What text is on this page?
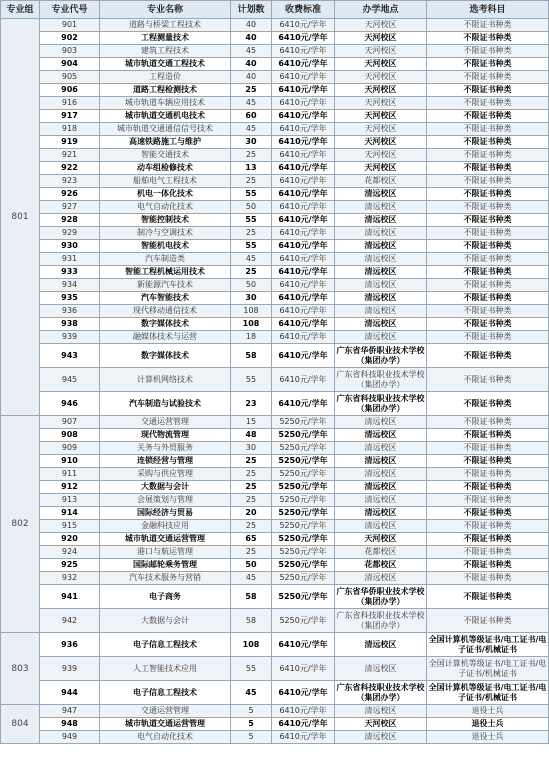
专业组	专业代号	专业名称	计划数	收费标准	办学地点	选考科目
801	901	道路与桥梁工程技术	40	6410元/学年	天河校区	不限证书种类
	902	工程测量技术	40	6410元/学年	天河校区	不限证书种类
	903	建筑工程技术	45	6410元/学年	天河校区	不限证书种类
	904	城市轨道交通工程技术	40	6410元/学年	天河校区	不限证书种类
	905	工程造价	40	6410元/学年	天河校区	不限证书种类
	906	道路工程检测技术	25	6410元/学年	天河校区	不限证书种类
	916	城市轨道车辆应用技术	45	6410元/学年	天河校区	不限证书种类
	917	城市轨道交通机电技术	60	6410元/学年	天河校区	不限证书种类
	918	城市轨道交通通信信号技术	45	6410元/学年	天河校区	不限证书种类
	919	高速铁路施工与维护	30	6410元/学年	天河校区	不限证书种类
	921	智能交通技术	25	6410元/学年	天河校区	不限证书种类
	922	动车组检修技术	13	6410元/学年	天河校区	不限证书种类
	923	船舶电气工程技术	25	6410元/学年	花都校区	不限证书种类
	926	机电一体化技术	55	6410元/学年	清远校区	不限证书种类
	927	电气自动化技术	50	6410元/学年	清远校区	不限证书种类
	928	智能控制技术	55	6410元/学年	清远校区	不限证书种类
	929	制冷与空调技术	25	6410元/学年	清远校区	不限证书种类
	930	智能机电技术	55	6410元/学年	清远校区	不限证书种类
	931	汽车制造类	45	6410元/学年	清远校区	不限证书种类
	933	智能工程机械运用技术	25	6410元/学年	清远校区	不限证书种类
	934	新能源汽车技术	50	6410元/学年	清远校区	不限证书种类
	935	汽车智能技术	30	6410元/学年	清远校区	不限证书种类
	936	现代移动通信技术	108	6410元/学年	清远校区	不限证书种类
	938	数字媒体技术	108	6410元/学年	清远校区	不限证书种类
	939	融媒体技术与运营	18	6410元/学年	清远校区	不限证书种类
	943	数字媒体技术	58	6410元/学年	广东省华侨职业技术学校（集团办学）	不限证书种类
	945	计算机网络技术	55	6410元/学年	广东省科技职业技术学校（集团办学）	不限证书种类
	946	汽车制造与试验技术	23	6410元/学年	广东省科技职业技术学校（集团办学）	不限证书种类
802	907	交通运营管理	15	5250元/学年	清远校区	不限证书种类
	908	现代物流管理	48	5250元/学年	清远校区	不限证书种类
	909	关务与外贸服务	30	5250元/学年	清远校区	不限证书种类
	910	连锁经营与管理	25	5250元/学年	清远校区	不限证书种类
	911	采购与供应管理	25	5250元/学年	清远校区	不限证书种类
	912	大数据与会计	25	5250元/学年	清远校区	不限证书种类
	913	会展策划与管理	25	5250元/学年	清远校区	不限证书种类
	914	国际经济与贸易	20	5250元/学年	清远校区	不限证书种类
	915	金融科技应用	25	5250元/学年	清远校区	不限证书种类
	920	城市轨道交通运营管理	65	5250元/学年	天河校区	不限证书种类
	924	港口与航运管理	25	5250元/学年	花都校区	不限证书种类
	925	国际邮轮乘务管理	50	5250元/学年	花都校区	不限证书种类
	932	汽车技术服务与营销	45	5250元/学年	清远校区	不限证书种类
	941	电子商务	58	5250元/学年	广东省华侨职业技术学校（集团办学）	不限证书种类
	942	大数据与会计	58	5250元/学年	广东省科技职业技术学校（集团办学）	不限证书种类
803	936	电子信息工程技术	108	6410元/学年	清远校区	全国计算机等级证书/电工证书/电子证书/机械证书
	939	人工智能技术应用	55	6410元/学年	清远校区	全国计算机等级证书/电工证书/电子证书/机械证书
	944	电子信息工程技术	45	6410元/学年	广东省科技职业技术学校（集团办学）	全国计算机等级证书/电工证书/电子证书/机械证书
804	947	交通运营管理	5	6410元/学年	清远校区	退役士兵
	948	城市轨道交通运营管理	5	6410元/学年	天河校区	退役士兵
	949	电气自动化技术	5	6410元/学年	清远校区	退役士兵
